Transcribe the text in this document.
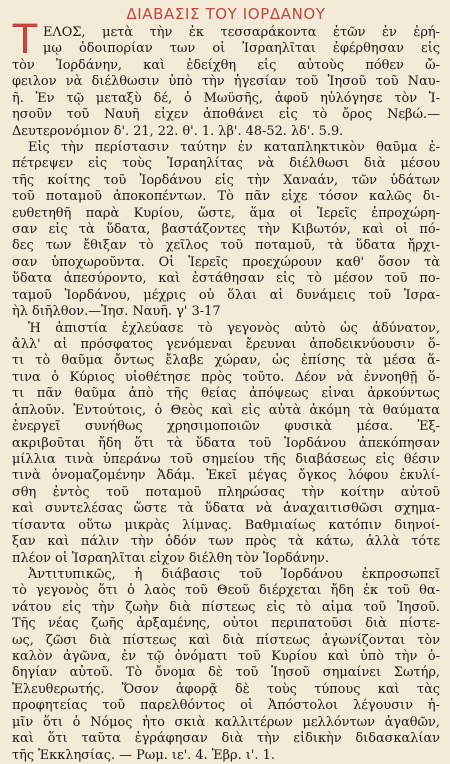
ΔΙΑΒΑΣΙΣ ΤΟΥ ΙΟΡΔΑΝΟΥ
Τ ΕΛΟΣ, μετὰ τὴν ἐκ τεσσαράκοντα ἐτῶν ἐν ἐρή-
μῳ ὁδοιπορίαν των οἱ Ἰσραηλῖται ἐφέρθησαν εἰς
τὸν Ἰορδάνην, καὶ ἐδείχθη εἰς αὐτοὺς πόθεν ὤ-
φειλον νὰ διέλθωσιν ὑπὸ τὴν ἡγεσίαν τοῦ Ἰησοῦ τοῦ Ναυ-
ῆ. Ἐν τῷ μεταξὺ δέ, ὁ Μωϋσῆς, ἀφοῦ ηὐλόγησε τὸν Ἰ-
ησοῦν τοῦ Ναυῆ εἶχεν ἀποθάνει εἰς τὸ ὄρος Νεβώ.—
Δευτερονόμιον δ'. 21, 22. θ'. 1. λβ'. 48-52. λδ'. 5.9.
Εἰς τὴν περίστασιν ταύτην ἐν καταπληκτικὸν θαῦμα ἐ-
πέτρεψεν εἰς τοὺς Ἰσραηλίτας νὰ διέλθωσι διὰ μέσου
τῆς κοίτης τοῦ Ἰορδάνου εἰς τὴν Χαναάν, τῶν ὑδάτων
τοῦ ποταμοῦ ἀποκοπέντων. Τὸ πᾶν εἶχε τόσον καλῶς δι-
ευθετηθῆ παρὰ Κυρίου, ὥστε, ἅμα οἱ Ἱερεῖς ἐπροχώρη-
σαν εἰς τὰ ὕδατα, βαστάζοντες τὴν Κιβωτόν, καὶ οἱ πό-
δες των ἔθιξαν τὸ χεῖλος τοῦ ποταμοῦ, τὰ ὕδατα ἤρχι-
σαν ὑποχωροῦντα. Οἱ Ἱερεῖς προεχώρουν καθ' ὅσον τὰ
ὕδατα ἀπεσύροντο, καὶ ἐστάθησαν εἰς τὸ μέσον τοῦ πο-
ταμοῦ Ἰορδάνου, μέχρις οὗ ὅλαι αἱ δυνάμεις τοῦ Ἰσρα-
ὴλ διῆλθον.—Ἰησ. Ναυῆ. γ' 3-17
Ἡ ἀπιστία ἐχλεύασε τὸ γεγονὸς αὐτὸ ὡς ἀδύνατον,
ἀλλ' αἱ πρόσφατος γενόμεναι ἔρευναι ἀποδεικνύουσιν ὅ-
τι τὸ θαῦμα ὄντως ἔλαβε χώραν, ὡς ἐπίσης τὰ μέσα ἅ-
τινα ὁ Κύριος υἱοθέτησε πρὸς τοῦτο. Δέον νὰ ἐννοηθῇ ὅ-
τι πᾶν θαῦμα ἀπὸ τῆς θείας ἀπόψεως εἶναι ἀρκούντως
ἁπλοῦν. Ἐντούτοις, ὁ Θεὸς καὶ εἰς αὐτὰ ἀκόμη τὰ θαύματα
ἐνεργεῖ συνήθως χρησιμοποιῶν φυσικὰ μέσα. Ἐξ-
ακριβοῦται ἤδη ὅτι τὰ ὕδατα τοῦ Ἰορδάνου ἀπεκόπησαν
μίλλια τινὰ ὑπεράνω τοῦ σημείου τῆς διαβάσεως εἰς θέσιν
τινὰ ὀνομαζομένην Ἀδάμ. Ἐκεῖ μέγας ὄγκος λόφου ἐκυλί-
σθη ἐντὸς τοῦ ποταμοῦ πληρώσας τὴν κοίτην αὐτοῦ
καὶ συντελέσας ὥστε τὰ ὕδατα νὰ ἀναχαιτισθῶσι σχημα-
τίσαντα οὕτω μικρὰς λίμνας. Βαθμιαίως κατόπιν διηνοί-
ξαν καὶ πάλιν τὴν ὁδόν των πρὸς τὰ κάτω, ἀλλὰ τότε
πλέον οἱ Ἰσραηλῖται εἶχον διέλθη τὸν Ἰορδάνην.
Ἀντιτυπικῶς, ἡ διάβασις τοῦ Ἰορδάνου ἐκπροσωπεῖ
τὸ γεγονὸς ὅτι ὁ λαὸς τοῦ Θεοῦ διέρχεται ἤδη ἐκ τοῦ θα-
νάτου εἰς τὴν ζωὴν διὰ πίστεως εἰς τὸ αἷμα τοῦ Ἰησοῦ.
Τῆς νέας ζωῆς ἀρξαμένης, οὗτοι περιπατοῦσι διὰ πίστε-
ως, ζῶσι διὰ πίστεως καὶ διὰ πίστεως ἀγωνίζονται τὸν
καλὸν ἀγῶνα, ἐν τῷ ὀνόματι τοῦ Κυρίου καὶ ὑπὸ τὴν ὁ-
δηγίαν αὐτοῦ. Τὸ ὄνομα δὲ τοῦ Ἰησοῦ σημαίνει Σωτήρ,
Ἐλευθερωτής. Ὅσον ἀφορᾷ δὲ τοὺς τύπους καὶ τὰς
προφητείας τοῦ παρελθόντος οἱ Ἀπόστολοι λέγουσιν ἡ-
μῖν ὅτι ὁ Νόμος ἦτο σκιὰ καλλιτέρων μελλόντων ἀγαθῶν,
καὶ ὅτι ταῦτα ἐγράφησαν διὰ τὴν εἰδικὴν διδασκαλίαν
τῆς Ἐκκλησίας. — Ρωμ. ιε'. 4. Ἑβρ. ι'. 1.
